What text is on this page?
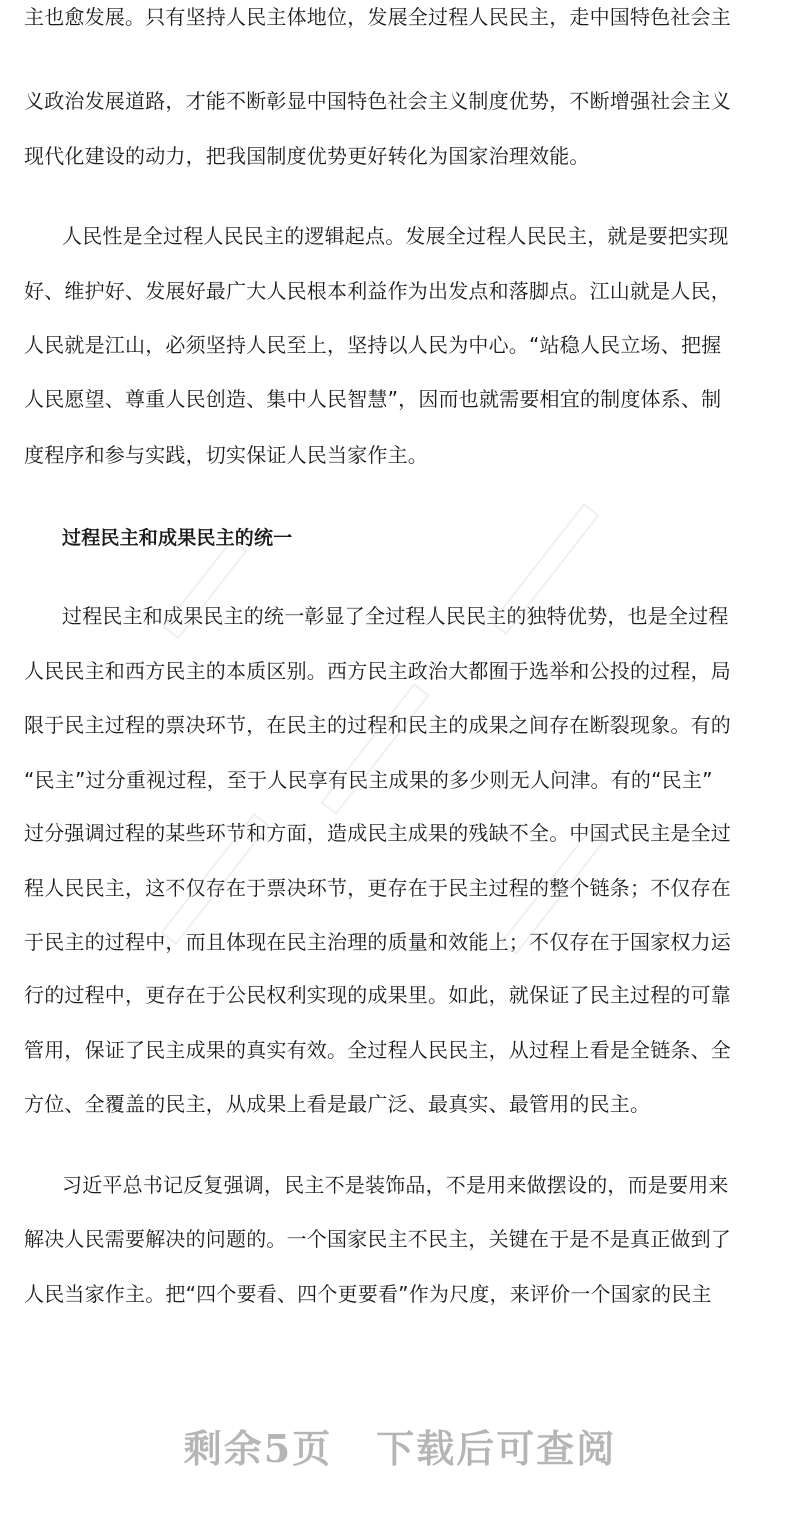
主也愈发展。只有坚持人民主体地位，发展全过程人民民主，走中国特色社会主
义政治发展道路，才能不断彰显中国特色社会主义制度优势，不断增强社会主义
现代化建设的动力，把我国制度优势更好转化为国家治理效能。
人民性是全过程人民民主的逻辑起点。发展全过程人民民主，就是要把实现
好、维护好、发展好最广大人民根本利益作为出发点和落脚点。江山就是人民，
人民就是江山，必须坚持人民至上，坚持以人民为中心。“站稳人民立场、把握
人民愿望、尊重人民创造、集中人民智慧”，因而也就需要相宜的制度体系、制
度程序和参与实践，切实保证人民当家作主。
过程民主和成果民主的统一
过程民主和成果民主的统一彰显了全过程人民民主的独特优势，也是全过程
人民民主和西方民主的本质区别。西方民主政治大都囿于选举和公投的过程，局
限于民主过程的票决环节，在民主的过程和民主的成果之间存在断裂现象。有的
“民主”过分重视过程，至于人民享有民主成果的多少则无人问津。有的“民主”
过分强调过程的某些环节和方面，造成民主成果的残缺不全。中国式民主是全过
程人民民主，这不仅存在于票决环节，更存在于民主过程的整个链条；不仅存在
于民主的过程中，而且体现在民主治理的质量和效能上；不仅存在于国家权力运
行的过程中，更存在于公民权利实现的成果里。如此，就保证了民主过程的可靠
管用，保证了民主成果的真实有效。全过程人民民主，从过程上看是全链条、全
方位、全覆盖的民主，从成果上看是最广泛、最真实、最管用的民主。
习近平总书记反复强调，民主不是装饰品，不是用来做摆设的，而是要用来
解决人民需要解决的问题的。一个国家民主不民主，关键在于是不是真正做到了
人民当家作主。把“四个要看、四个更要看”作为尺度，来评价一个国家的民主
剩余5页 下载后可查阅
